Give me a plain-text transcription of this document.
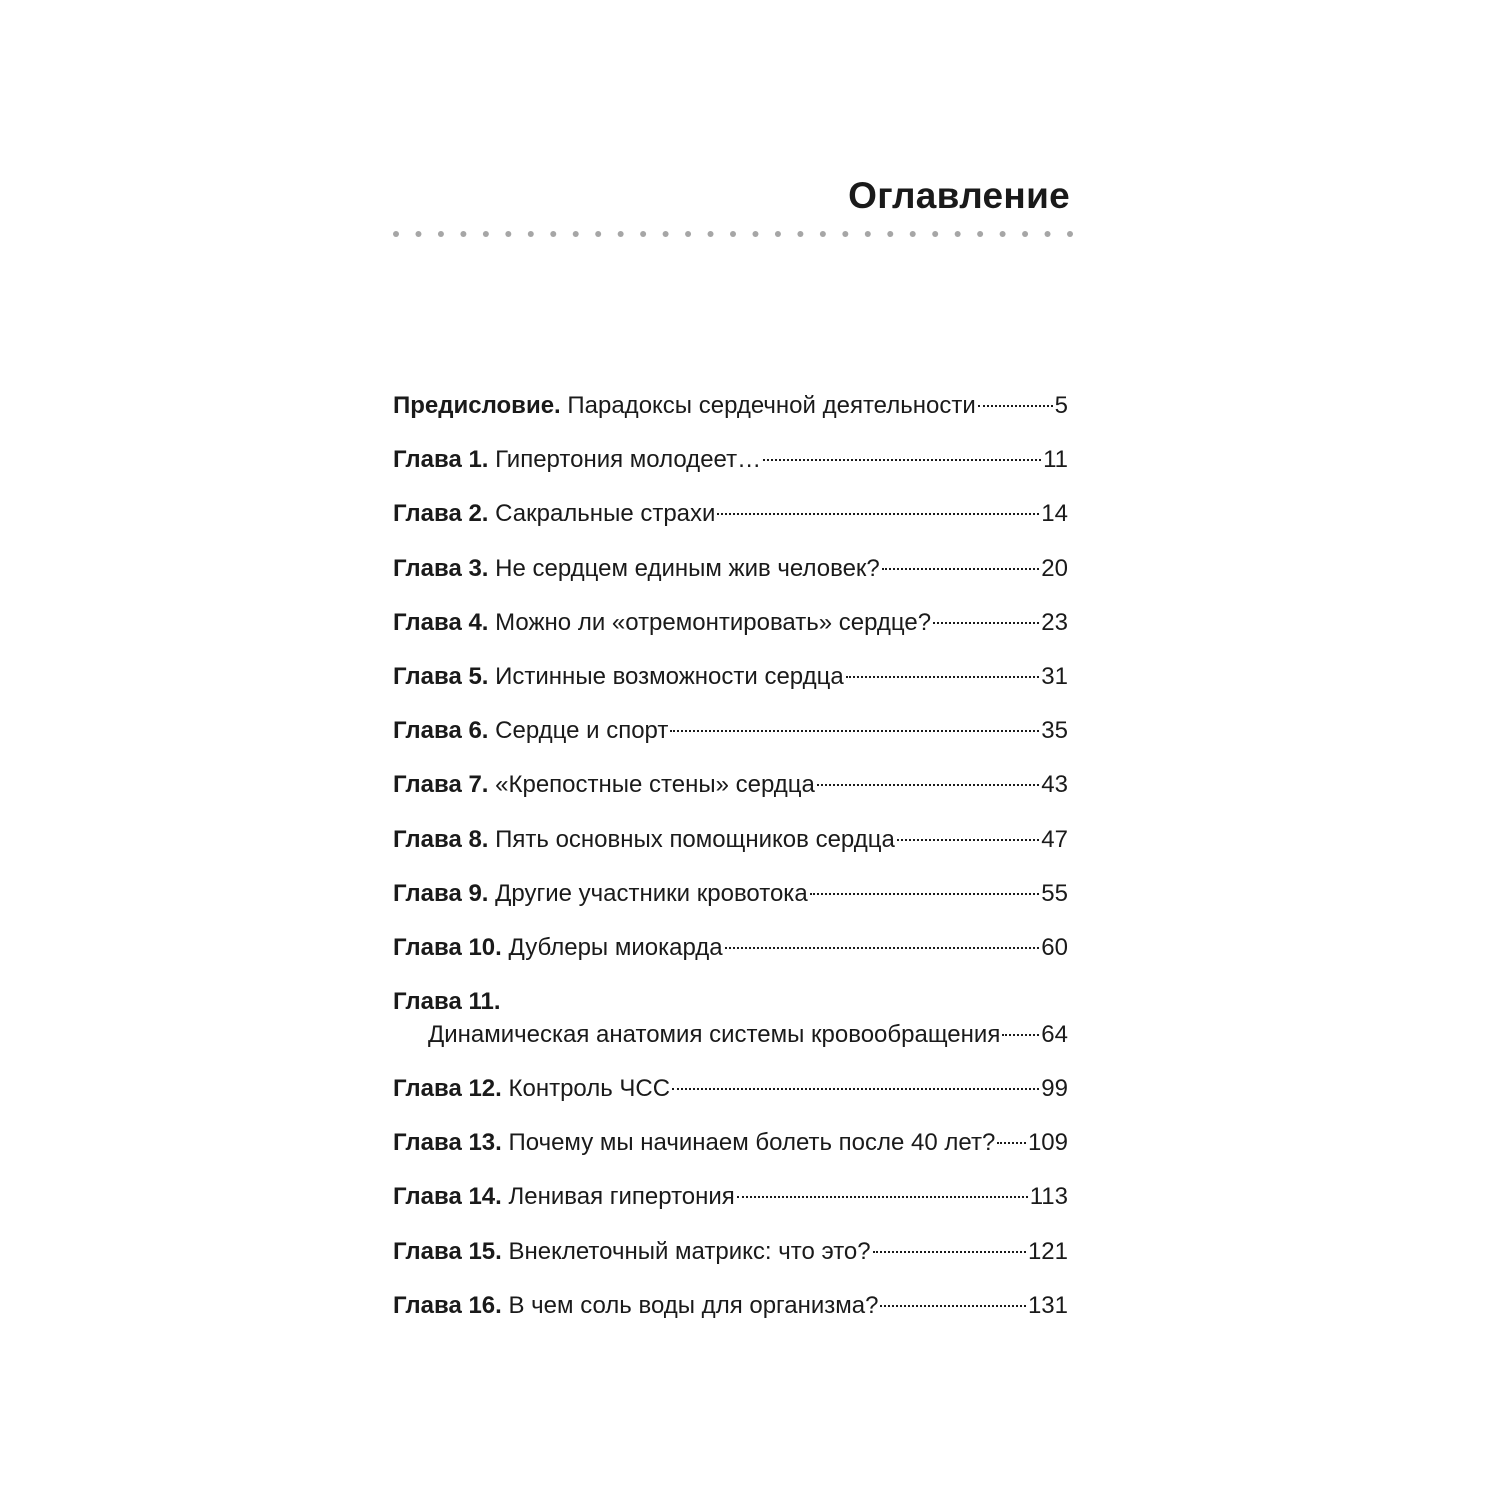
Оглавление
Предисловие.
Парадоксы сердечной деятельности	5
Глава 1.
Гипертония молодеет…	11
Глава 2.
Сакральные страхи	14
Глава 3.
Не сердцем единым жив человек?	20
Глава 4.
Можно ли «отремонтировать» сердце?	23
Глава 5.
Истинные возможности сердца	31
Глава 6.
Сердце и спорт	35
Глава 7.
«Крепостные стены» сердца	43
Глава 8.
Пять основных помощников сердца	47
Глава 9.
Другие участники кровотока	55
Глава 10.
Дублеры миокарда	60
Глава 11.
Динамическая анатомия системы кровообращения 64
Глава 12.
Контроль ЧСС	99
Глава 13.
Почему мы начинаем болеть после 40 лет? 109
Глава 14.
Ленивая гипертония	113
Глава 15.
Внеклеточный матрикс: что это?	121
Глава 16.
В чем соль воды для организма?	131
